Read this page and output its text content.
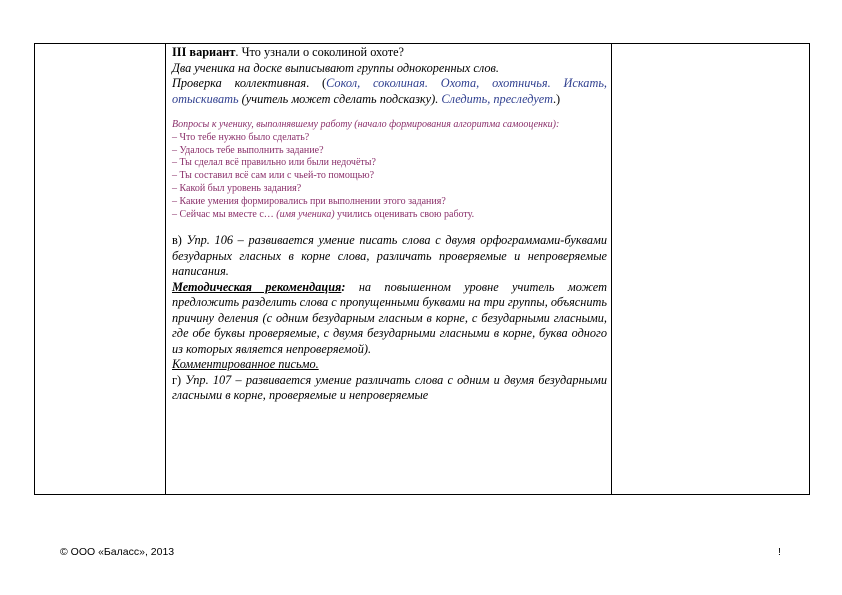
III вариант. Что узнали о соколиной охоте?

Два ученика на доске выписывают группы однокоренных слов.

Проверка коллективная. (Сокол, соколиная. Охота, охотничья. Искать, отыскивать (учитель может сделать подсказку). Следить, преследует.)

Вопросы к ученику, выполнявшему работу (начало формирования алгоритма самооценки):

– Что тебе нужно было сделать?

– Удалось тебе выполнить задание?

– Ты сделал всё правильно или были недочёты?

– Ты составил всё сам или с чьей-то помощью?

– Какой был уровень задания?

– Какие умения формировались при выполнении этого задания?

– Сейчас мы вместе с… (имя ученика) учились оценивать свою работу.

в) Упр. 106 – развивается умение писать слова с двумя орфограммами-буквами безударных гласных в корне слова, различать проверяемые и непроверяемые написания.

Методическая рекомендация: на повышенном уровне учитель может предложить разделить слова с пропущенными буквами на три группы, объяснить причину деления (с одним безударным гласным в корне, с безударными гласными, где обе буквы проверяемые, с двумя безударными гласными в корне, буква одного из которых является непроверяемой).

Комментированное письмо.

г) Упр. 107 – развивается умение различать слова с одним и двумя безударными гласными в корне, проверяемые и непроверяемые

© ООО «Баласс», 2013	!
